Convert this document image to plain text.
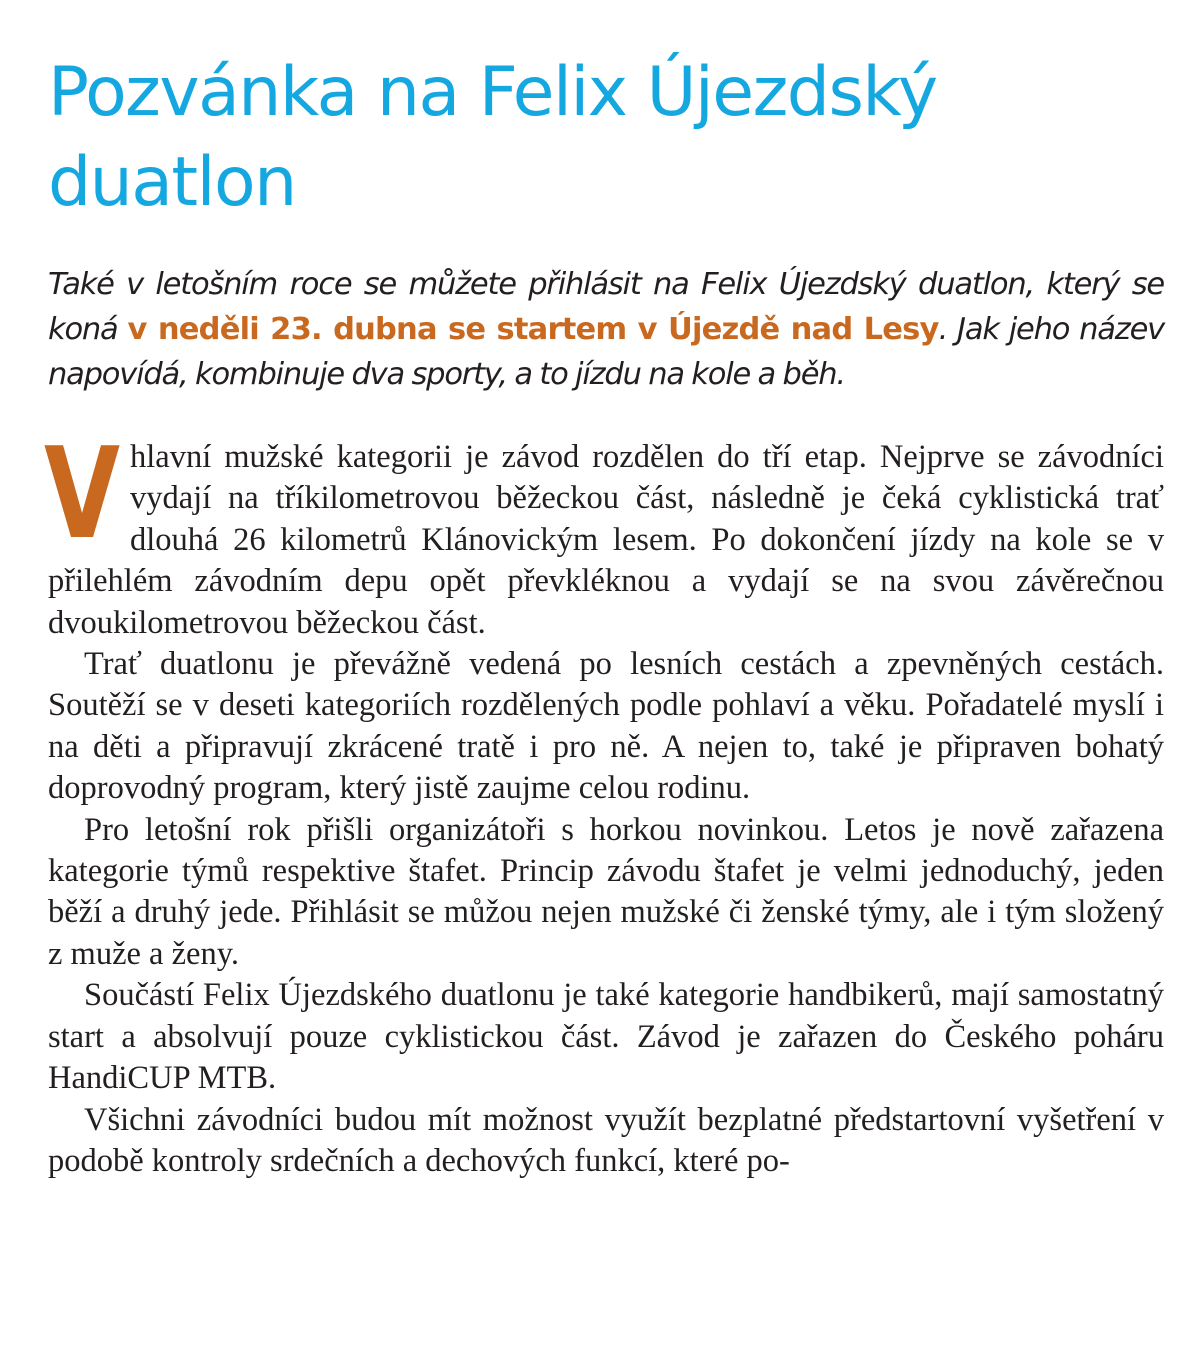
Pozvánka na Felix Újezdský
duatlon

Také v letošním roce se můžete přihlásit na Felix Újezdský duatlon, který se koná v neděli 23. dubna se startem v Újezdě nad Lesy. Jak jeho název napovídá, kombinuje dva sporty, a to jízdu na kole a běh.

Vhlavní mužské kategorii je závod rozdělen do tří etap. Nejprve se závodníci vydají na tříkilometrovou běžeckou část, následně je čeká cyklistická trať dlouhá 26 kilometrů Klánovickým lesem. Po dokončení jízdy na kole se v přilehlém závodním depu opět převkléknou a vydají se na svou závěrečnou dvoukilometrovou běžeckou část.

Trať duatlonu je převážně vedená po lesních cestách a zpevněných cestách. Soutěží se v deseti kategoriích rozdělených podle pohlaví a věku. Pořadatelé myslí i na děti a připravují zkrácené tratě i pro ně. A nejen to, také je připraven bohatý doprovodný program, který jistě zaujme celou rodinu.

Pro letošní rok přišli organizátoři s horkou novinkou. Letos je nově zařazena kategorie týmů respektive štafet. Princip závodu štafet je velmi jednoduchý, jeden běží a druhý jede. Přihlásit se můžou nejen mužské či ženské týmy, ale i tým složený z muže a ženy.

Součástí Felix Újezdského duatlonu je také kategorie handbikerů, mají samostatný start a absolvují pouze cyklistickou část. Závod je zařazen do Českého poháru HandiCUP MTB.

Všichni závodníci budou mít možnost využít bezplatné předstartovní vyšetření v podobě kontroly srdečních a dechových funkcí, které po-
